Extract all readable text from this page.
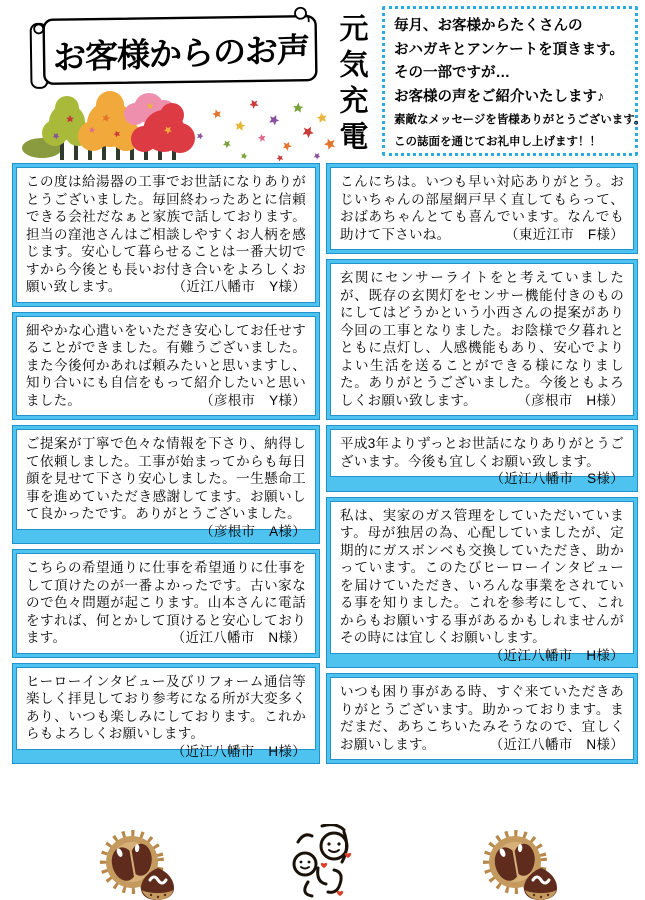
お客様からのお声 元気充電	毎月、お客様からたくさんの
おハガキとアンケートを頂きます。
その一部ですが…
お客様の声をご紹介いたします♪
素敵なメッセージを皆様ありがとうございます。
この誌面を通じてお礼申し上げます！！

この度は給湯器の工事でお世話になりありがとうございました。毎回終わったあとに信頼できる会社だなぁと家族で話しております。担当の窪池さんはご相談しやすくお人柄を感じます。安心して暮らせることは一番大切ですから今後とも長いお付き合いをよろしくお願い致します。	（近江八幡市　Y様）

細やかな心遣いをいただき安心してお任せすることができました。有難うございました。また今後何かあれば頼みたいと思いますし、知り合いにも自信をもって紹介したいと思いました。	（彦根市　Y様）

ご提案が丁寧で色々な情報を下さり、納得して依頼しました。工事が始まってからも毎日顔を見せて下さり安心しました。一生懸命工事を進めていただき感謝してます。お願いして良かったです。ありがとうございました。
（彦根市　A様）

こちらの希望通りに仕事を希望通りに仕事をして頂けたのが一番よかったです。古い家なので色々問題が起こります。山本さんに電話をすれば、何とかして頂けると安心しております。	（近江八幡市　N様）

ヒーローインタビュー及びリフォーム通信等楽しく拝見しており参考になる所が大変多くあり、いつも楽しみにしております。これからもよろしくお願いします。
（近江八幡市　H様）

こんにちは。いつも早い対応ありがとう。おじいちゃんの部屋網戸早く直してもらって、おばあちゃんとても喜んでいます。なんでも助けて下さいね。	（東近江市　F様）

玄関にセンサーライトをと考えていましたが、既存の玄関灯をセンサー機能付きのものにしてはどうかという小西さんの提案があり今回の工事となりました。お陰様で夕暮れとともに点灯し、人感機能もあり、安心でよりよい生活を送ることができる様になりました。ありがとうございました。今後ともよろしくお願い致します。	（彦根市　H様）

平成3年よりずっとお世話になりありがとうございます。今後も宜しくお願い致します。
（近江八幡市　S様）

私は、実家のガス管理をしていただいています。母が独居の為、心配していましたが、定期的にガスボンベも交換していただき、助かっています。このたびヒーローインタビューを届けていただき、いろんな事業をされている事を知りました。これを参考にして、これからもお願いする事があるかもしれませんがその時には宜しくお願いします。
（近江八幡市　H様）

いつも困り事がある時、すぐ来ていただきありがとうございます。助かっております。まだまだ、あちこちいたみそうなので、宜しくお願いします。	（近江八幡市　N様）
